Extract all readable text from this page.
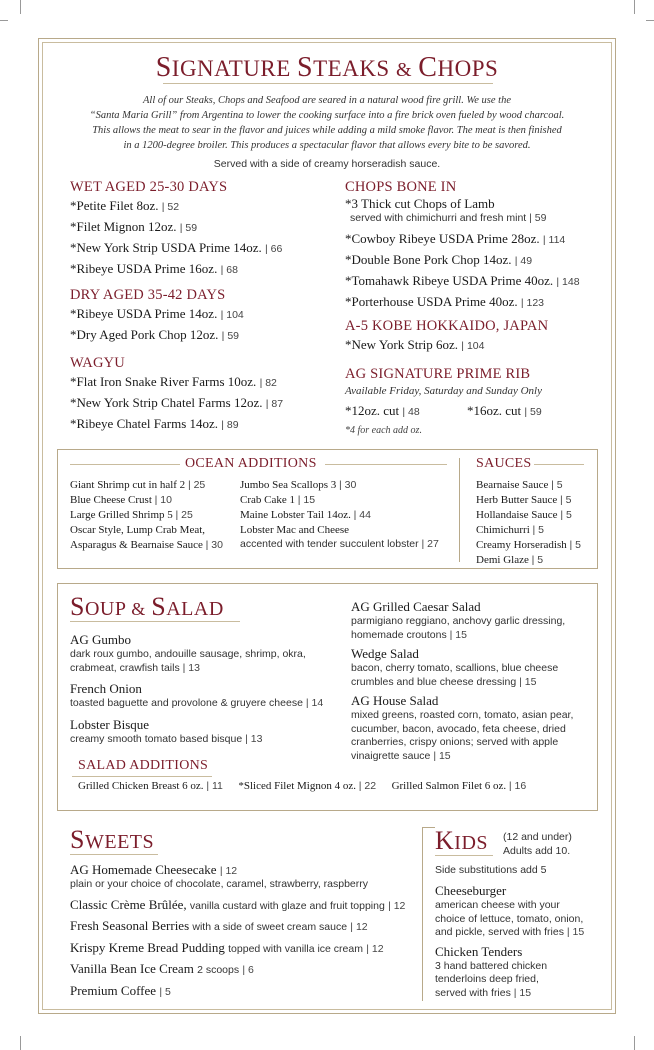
SIGNATURE STEAKS & CHOPS
All of our Steaks, Chops and Seafood are seared in a natural wood fire grill. We use the
“Santa Maria Grill” from Argentina to lower the cooking surface into a fire brick oven fueled by wood charcoal.
This allows the meat to sear in the flavor and juices while adding a mild smoke flavor. The meat is then finished
in a 1200-degree broiler. This produces a spectacular flavor that allows every bite to be savored.
Served with a side of creamy horseradish sauce.
WET AGED 25-30 DAYS
*Petite Filet 8oz. | 52
*Filet Mignon 12oz. | 59
*New York Strip USDA Prime 14oz. | 66
*Ribeye USDA Prime 16oz. | 68
DRY AGED 35-42 DAYS
*Ribeye USDA Prime 14oz. | 104
*Dry Aged Pork Chop 12oz. | 59
WAGYU
*Flat Iron Snake River Farms 10oz. | 82
*New York Strip Chatel Farms 12oz. | 87
*Ribeye Chatel Farms 14oz. | 89
CHOPS BONE IN
*3 Thick cut Chops of Lamb
served with chimichurri and fresh mint | 59
*Cowboy Ribeye USDA Prime 28oz. | 114
*Double Bone Pork Chop 14oz. | 49
*Tomahawk Ribeye USDA Prime 40oz. | 148
*Porterhouse USDA Prime 40oz. | 123
A-5 KOBE HOKKAIDO, JAPAN
*New York Strip 6oz. | 104
AG SIGNATURE PRIME RIB
Available Friday, Saturday and Sunday Only
*12oz. cut | 48	*16oz. cut | 59
*4 for each add oz.
OCEAN ADDITIONS
Giant Shrimp cut in half 2 | 25
Blue Cheese Crust | 10
Large Grilled Shrimp 5 | 25
Oscar Style, Lump Crab Meat,
Asparagus & Bearnaise Sauce | 30
Jumbo Sea Scallops 3 | 30
Crab Cake 1 | 15
Maine Lobster Tail 14oz. | 44
Lobster Mac and Cheese
accented with tender succulent lobster | 27
SAUCES
Bearnaise Sauce | 5
Herb Butter Sauce | 5
Hollandaise Sauce | 5
Chimichurri | 5
Creamy Horseradish | 5
Demi Glaze | 5
SOUP & SALAD
AG Gumbo
dark roux gumbo, andouille sausage, shrimp, okra,
crabmeat, crawfish tails | 13
French Onion
toasted baguette and provolone & gruyere cheese | 14
Lobster Bisque
creamy smooth tomato based bisque | 13
AG Grilled Caesar Salad
parmigiano reggiano, anchovy garlic dressing,
homemade croutons | 15
Wedge Salad
bacon, cherry tomato, scallions, blue cheese
crumbles and blue cheese dressing | 15
AG House Salad
mixed greens, roasted corn, tomato, asian pear,
cucumber, bacon, avocado, feta cheese, dried
cranberries, crispy onions; served with apple
vinaigrette sauce | 15
SALAD ADDITIONS
Grilled Chicken Breast 6 oz. | 11 *Sliced Filet Mignon 4 oz. | 22 Grilled Salmon Filet 6 oz. | 16
SWEETS
AG Homemade Cheesecake | 12
plain or your choice of chocolate, caramel, strawberry, raspberry
Classic Crème Brûlée, vanilla custard with glaze and fruit topping | 12
Fresh Seasonal Berries with a side of sweet cream sauce | 12
Krispy Kreme Bread Pudding topped with vanilla ice cream | 12
Vanilla Bean Ice Cream 2 scoops | 6
Premium Coffee | 5
KIDS (12 and under)
Adults add 10.
Side substitutions add 5
Cheeseburger
american cheese with your
choice of lettuce, tomato, onion,
and pickle, served with fries | 15
Chicken Tenders
3 hand battered chicken
tenderloins deep fried,
served with fries | 15
